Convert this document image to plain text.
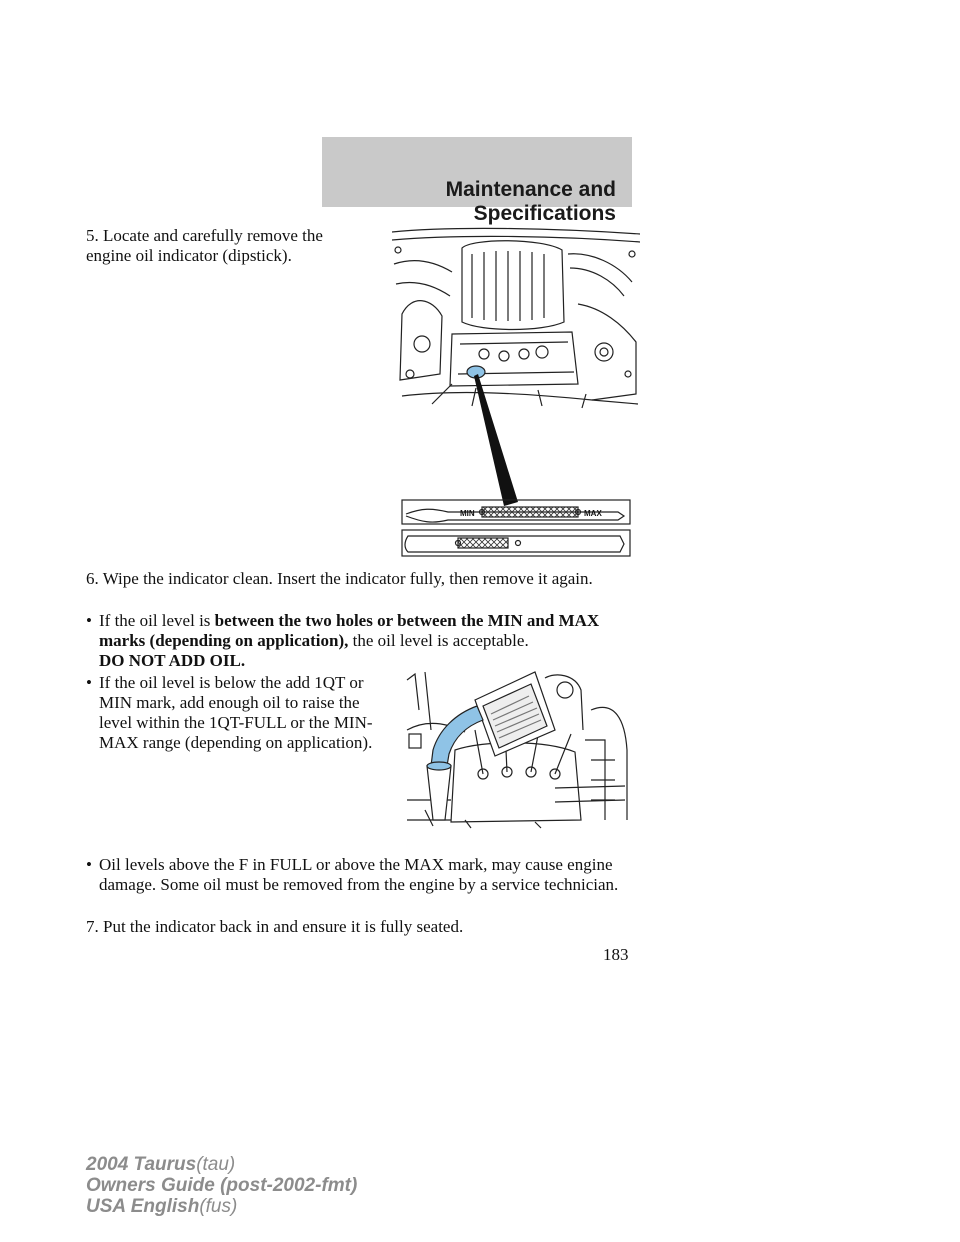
Maintenance and Specifications
5. Locate and carefully remove the engine oil indicator (dipstick).
MIN	MAX
6. Wipe the indicator clean. Insert the indicator fully, then remove it again.
• If the oil level is between the two holes or between the MIN and MAX marks (depending on application), the oil level is acceptable.
DO NOT ADD OIL.
• If the oil level is below the add 1QT or MIN mark, add enough oil to raise the level within the 1QT-FULL or the MIN-MAX range (depending on application).
• Oil levels above the F in FULL or above the MAX mark, may cause engine damage. Some oil must be removed from the engine by a service technician.
7. Put the indicator back in and ensure it is fully seated.
183
2004 Taurus(tau)
Owners Guide (post-2002-fmt)
USA English(fus)
